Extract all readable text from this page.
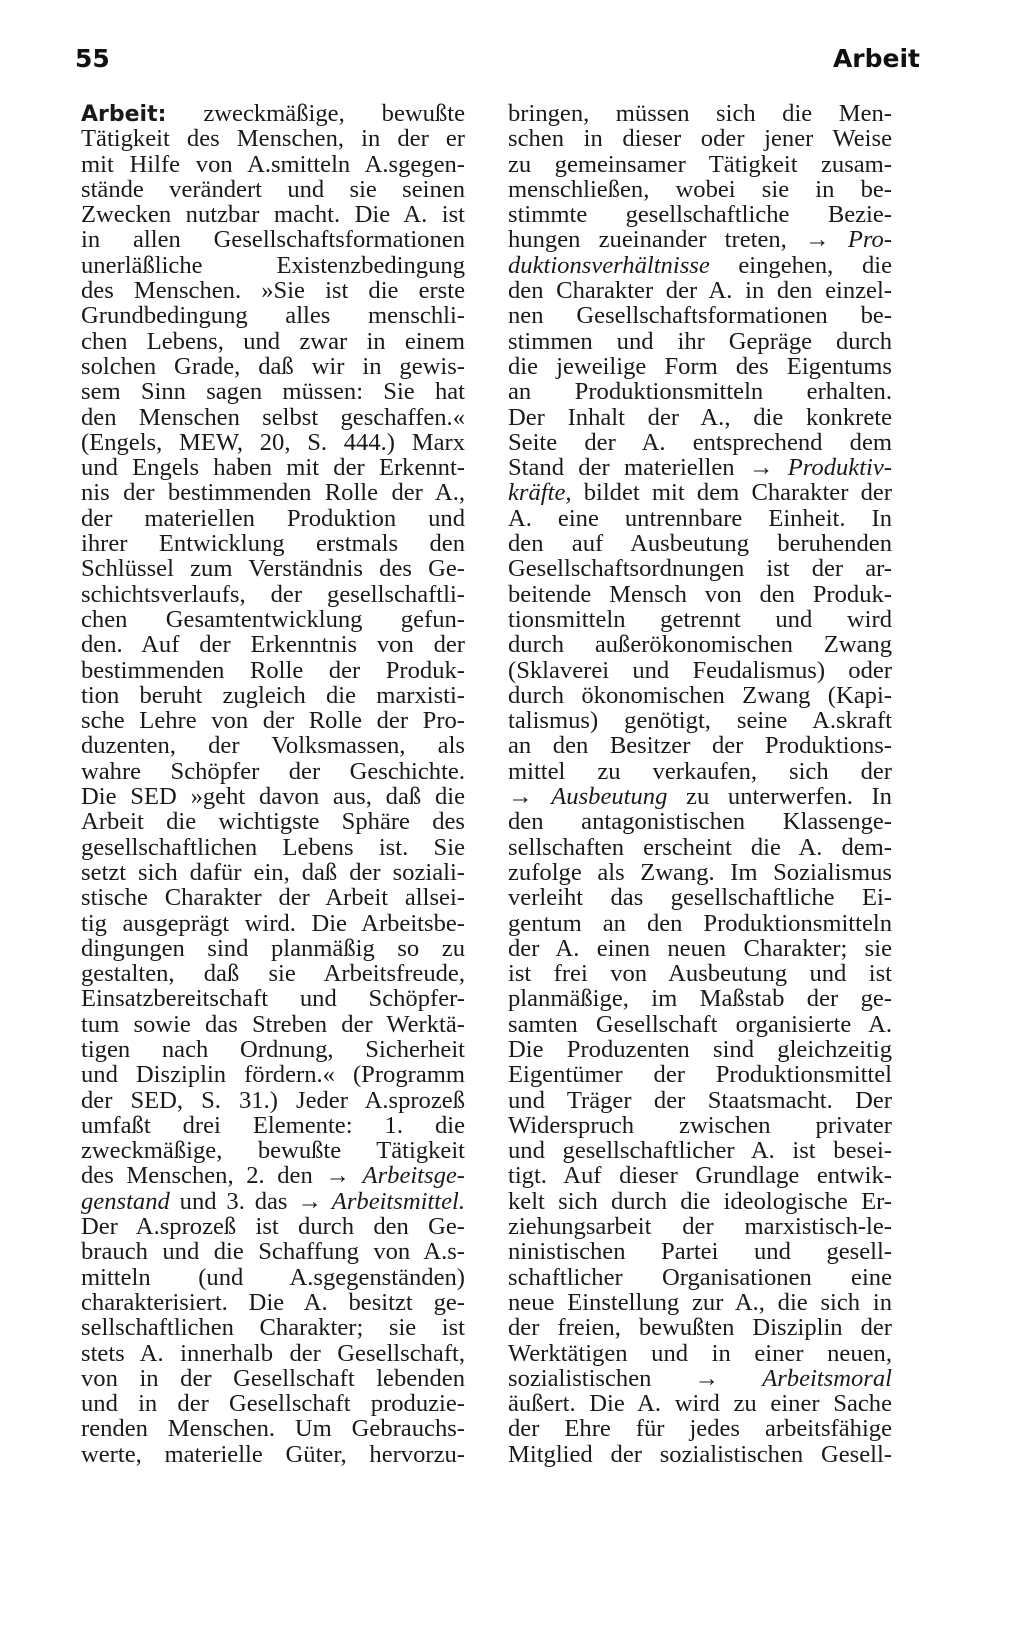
55	Arbeit
Arbeit: zweckmäßige, bewußte
Tätigkeit des Menschen, in der er
mit Hilfe von A.smitteln A.sgegen-
stände verändert und sie seinen
Zwecken nutzbar macht. Die A. ist
in allen Gesellschaftsformationen
unerläßliche Existenzbedingung
des Menschen. »Sie ist die erste
Grundbedingung alles menschli-
chen Lebens, und zwar in einem
solchen Grade, daß wir in gewis-
sem Sinn sagen müssen: Sie hat
den Menschen selbst geschaffen.«
(Engels, MEW, 20, S. 444.) Marx
und Engels haben mit der Erkennt-
nis der bestimmenden Rolle der A.,
der materiellen Produktion und
ihrer Entwicklung erstmals den
Schlüssel zum Verständnis des Ge-
schichtsverlaufs, der gesellschaftli-
chen Gesamtentwicklung gefun-
den. Auf der Erkenntnis von der
bestimmenden Rolle der Produk-
tion beruht zugleich die marxisti-
sche Lehre von der Rolle der Pro-
duzenten, der Volksmassen, als
wahre Schöpfer der Geschichte.
Die SED »geht davon aus, daß die
Arbeit die wichtigste Sphäre des
gesellschaftlichen Lebens ist. Sie
setzt sich dafür ein, daß der soziali-
stische Charakter der Arbeit allsei-
tig ausgeprägt wird. Die Arbeitsbe-
dingungen sind planmäßig so zu
gestalten, daß sie Arbeitsfreude,
Einsatzbereitschaft und Schöpfer-
tum sowie das Streben der Werktä-
tigen nach Ordnung, Sicherheit
und Disziplin fördern.« (Programm
der SED, S. 31.) Jeder A.sprozeß
umfaßt drei Elemente: 1. die
zweckmäßige, bewußte Tätigkeit
des Menschen, 2. den → Arbeitsge-
genstand und 3. das → Arbeitsmittel.
Der A.sprozeß ist durch den Ge-
brauch und die Schaffung von A.s-
mitteln (und A.sgegenständen)
charakterisiert. Die A. besitzt ge-
sellschaftlichen Charakter; sie ist
stets A. innerhalb der Gesellschaft,
von in der Gesellschaft lebenden
und in der Gesellschaft produzie-
renden Menschen. Um Gebrauchs-
werte, materielle Güter, hervorzu-
bringen, müssen sich die Men-
schen in dieser oder jener Weise
zu gemeinsamer Tätigkeit zusam-
menschließen, wobei sie in be-
stimmte gesellschaftliche Bezie-
hungen zueinander treten, → Pro-
duktionsverhältnisse eingehen, die
den Charakter der A. in den einzel-
nen Gesellschaftsformationen be-
stimmen und ihr Gepräge durch
die jeweilige Form des Eigentums
an Produktionsmitteln erhalten.
Der Inhalt der A., die konkrete
Seite der A. entsprechend dem
Stand der materiellen → Produktiv-
kräfte, bildet mit dem Charakter der
A. eine untrennbare Einheit. In
den auf Ausbeutung beruhenden
Gesellschaftsordnungen ist der ar-
beitende Mensch von den Produk-
tionsmitteln getrennt und wird
durch außerökonomischen Zwang
(Sklaverei und Feudalismus) oder
durch ökonomischen Zwang (Kapi-
talismus) genötigt, seine A.skraft
an den Besitzer der Produktions-
mittel zu verkaufen, sich der
→ Ausbeutung zu unterwerfen. In
den antagonistischen Klassenge-
sellschaften erscheint die A. dem-
zufolge als Zwang. Im Sozialismus
verleiht das gesellschaftliche Ei-
gentum an den Produktionsmitteln
der A. einen neuen Charakter; sie
ist frei von Ausbeutung und ist
planmäßige, im Maßstab der ge-
samten Gesellschaft organisierte A.
Die Produzenten sind gleichzeitig
Eigentümer der Produktionsmittel
und Träger der Staatsmacht. Der
Widerspruch zwischen privater
und gesellschaftlicher A. ist besei-
tigt. Auf dieser Grundlage entwik-
kelt sich durch die ideologische Er-
ziehungsarbeit der marxistisch-le-
ninistischen Partei und gesell-
schaftlicher Organisationen eine
neue Einstellung zur A., die sich in
der freien, bewußten Disziplin der
Werktätigen und in einer neuen,
sozialistischen → Arbeitsmoral
äußert. Die A. wird zu einer Sache
der Ehre für jedes arbeitsfähige
Mitglied der sozialistischen Gesell-
